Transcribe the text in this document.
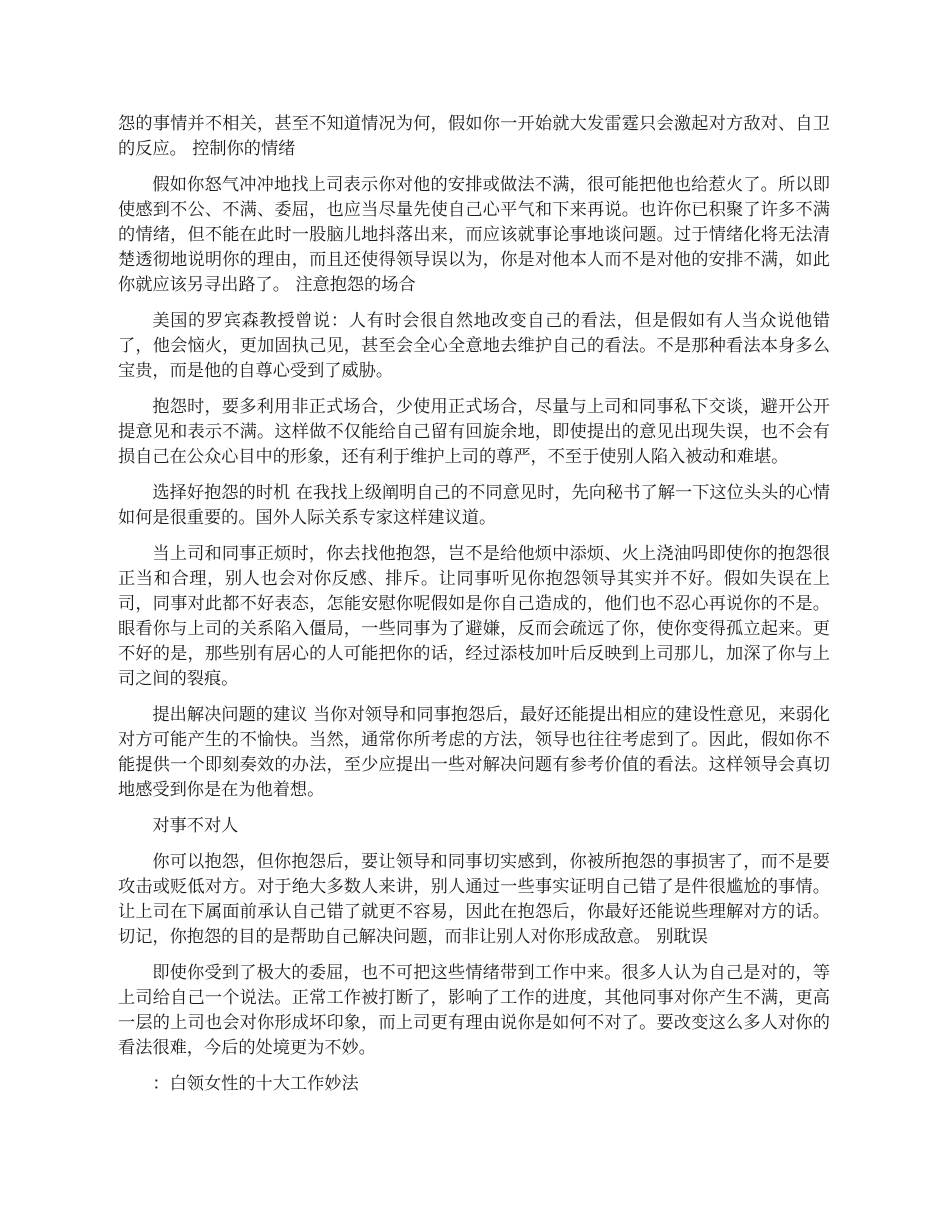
怨的事情并不相关，甚至不知道情况为何，假如你一开始就大发雷霆只会激起对方敌对、自卫的反应。 控制你的情绪

假如你怒气冲冲地找上司表示你对他的安排或做法不满，很可能把他也给惹火了。所以即使感到不公、不满、委屈，也应当尽量先使自己心平气和下来再说。也许你已积聚了许多不满的情绪，但不能在此时一股脑儿地抖落出来，而应该就事论事地谈问题。过于情绪化将无法清楚透彻地说明你的理由，而且还使得领导误以为，你是对他本人而不是对他的安排不满，如此你就应该另寻出路了。 注意抱怨的场合

美国的罗宾森教授曾说：人有时会很自然地改变自己的看法，但是假如有人当众说他错了，他会恼火，更加固执己见，甚至会全心全意地去维护自己的看法。不是那种看法本身多么宝贵，而是他的自尊心受到了威胁。

抱怨时，要多利用非正式场合，少使用正式场合，尽量与上司和同事私下交谈，避开公开提意见和表示不满。这样做不仅能给自己留有回旋余地，即使提出的意见出现失误，也不会有损自己在公众心目中的形象，还有利于维护上司的尊严，不至于使别人陷入被动和难堪。

选择好抱怨的时机 在我找上级阐明自己的不同意见时，先向秘书了解一下这位头头的心情如何是很重要的。国外人际关系专家这样建议道。

当上司和同事正烦时，你去找他抱怨，岂不是给他烦中添烦、火上浇油吗即使你的抱怨很正当和合理，别人也会对你反感、排斥。让同事听见你抱怨领导其实并不好。假如失误在上司，同事对此都不好表态，怎能安慰你呢假如是你自己造成的，他们也不忍心再说你的不是。眼看你与上司的关系陷入僵局，一些同事为了避嫌，反而会疏远了你，使你变得孤立起来。更不好的是，那些别有居心的人可能把你的话，经过添枝加叶后反映到上司那儿，加深了你与上司之间的裂痕。

提出解决问题的建议 当你对领导和同事抱怨后，最好还能提出相应的建设性意见，来弱化对方可能产生的不愉快。当然，通常你所考虑的方法，领导也往往考虑到了。因此，假如你不能提供一个即刻奏效的办法，至少应提出一些对解决问题有参考价值的看法。这样领导会真切地感受到你是在为他着想。

对事不对人

你可以抱怨，但你抱怨后，要让领导和同事切实感到，你被所抱怨的事损害了，而不是要攻击或贬低对方。对于绝大多数人来讲，别人通过一些事实证明自己错了是件很尴尬的事情。让上司在下属面前承认自己错了就更不容易，因此在抱怨后，你最好还能说些理解对方的话。切记，你抱怨的目的是帮助自己解决问题，而非让别人对你形成敌意。 别耽误

即使你受到了极大的委屈，也不可把这些情绪带到工作中来。很多人认为自己是对的，等上司给自己一个说法。正常工作被打断了，影响了工作的进度，其他同事对你产生不满，更高一层的上司也会对你形成坏印象，而上司更有理由说你是如何不对了。要改变这么多人对你的看法很难，今后的处境更为不妙。

：白领女性的十大工作妙法
